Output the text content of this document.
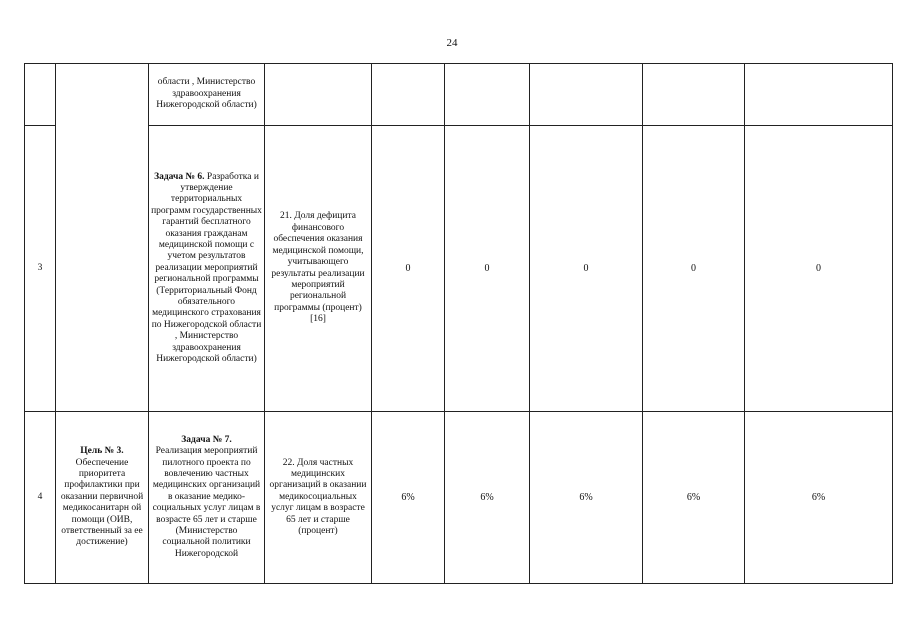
24
		области , Министерство здравоохранения Нижегородской области)						
3		Задача № 6. Разработка и утверждение территориальных программ государственных гарантий бесплатного оказания гражданам медицинской помощи с учетом результатов реализации мероприятий региональной программы (Территориальный Фонд обязательного медицинского страхования по Нижегородской области , Министерство здравоохранения Нижегородской области)	21. Доля дефицита финансового обеспечения оказания медицинской помощи, учитывающего результаты реализации мероприятий региональной программы (процент) [16]	0	0	0	0	0
4	Цель № 3.
Обеспечение приоритета профилактики при оказании первичной медикосанитарн ой помощи (ОИВ, ответственный за ее достижение)	Задача № 7.
Реализация мероприятий пилотного проекта по вовлечению частных медицинских организаций в оказание медико-социальных услуг лицам в возрасте 65 лет и старше (Министерство социальной политики Нижегородской	22. Доля частных медицинских организаций в оказании медикосоциальных услуг лицам в возрасте 65 лет и старше (процент)	6%	6%	6%	6%	6%
